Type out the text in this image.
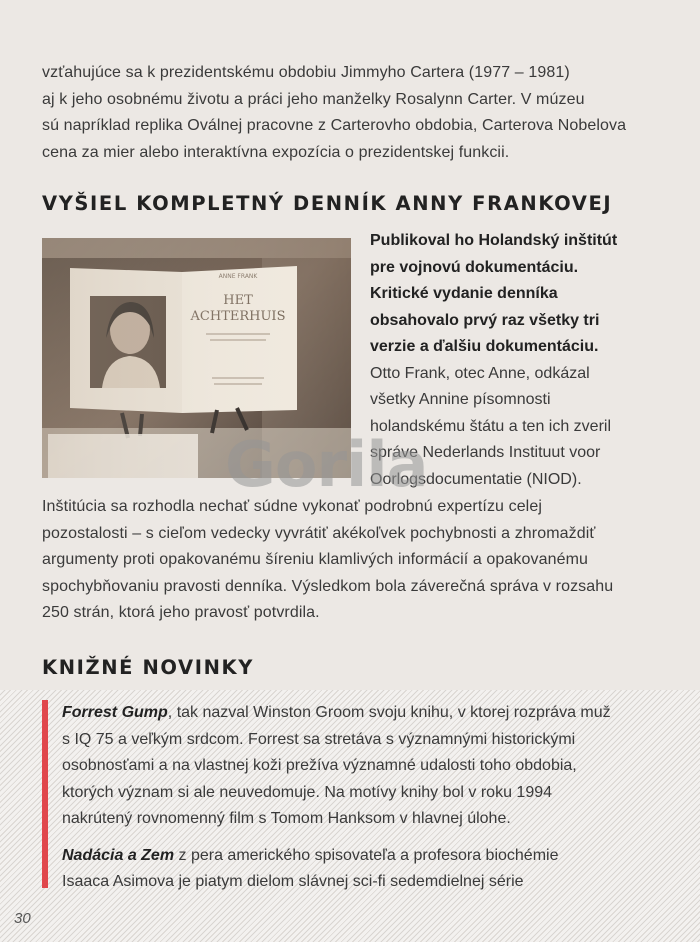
vzťahujúce sa k prezidentskému obdobiu Jimmyho Cartera (1977 – 1981)
aj k jeho osobnému životu a práci jeho manželky Rosalynn Carter. V múzeu
sú napríklad replika Oválnej pracovne z Carterovho obdobia, Carterova Nobelova
cena za mier alebo interaktívna expozícia o prezidentskej funkcii.

VYŠIEL KOMPLETNÝ DENNÍK ANNY FRANKOVEJ

Publikoval ho Holandský inštitút
pre vojnovú dokumentáciu.
Kritické vydanie denníka
obsahovalo prvý raz všetky tri
verzie a ďalšiu dokumentáciu.
Otto Frank, otec Anne, odkázal
všetky Annine písomnosti
holandskému štátu a ten ich zveril
správe Nederlands Instituut voor
Oorlogsdocumentatie (NIOD).

Inštitúcia sa rozhodla nechať súdne vykonať podrobnú expertízu celej
pozostalosti – s cieľom vedecky vyvrátiť akékoľvek pochybnosti a zhromaždiť
argumenty proti opakovanému šíreniu klamlivých informácií a opakovanému
spochybňovaniu pravosti denníka. Výsledkom bola záverečná správa v rozsahu
250 strán, ktorá jeho pravosť potvrdila.

Gorila
KNIŽNÉ NOVINKY

Forrest Gump, tak nazval Winston Groom svoju knihu, v ktorej rozpráva muž
s IQ 75 a veľkým srdcom. Forrest sa stretáva s významnými historickými
osobnosťami a na vlastnej koži prežíva významné udalosti toho obdobia,
ktorých význam si ale neuvedomuje. Na motívy knihy bol v roku 1994
nakrútený rovnomenný film s Tomom Hanksom v hlavnej úlohe.

Nadácia a Zem z pera amerického spisovateľa a profesora biochémie
Isaaca Asimova je piatym dielom slávnej sci-fi sedemdielnej série

30
